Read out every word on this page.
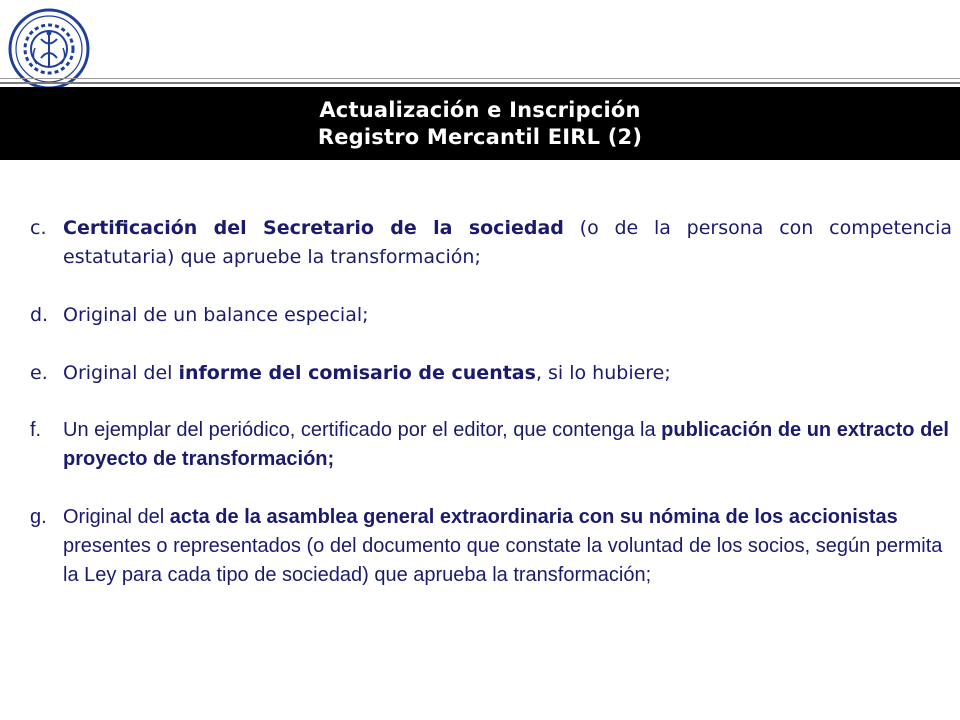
Actualización e Inscripción
Registro Mercantil EIRL (2)
c. Certificación del Secretario de la sociedad (o de la persona con competencia estatutaria) que apruebe la transformación;
d. Original de un balance especial;
e. Original del informe del comisario de cuentas, si lo hubiere;
f.	Un ejemplar del periódico, certificado por el editor, que contenga la publicación de un extracto del proyecto de transformación;
g. Original del acta de la asamblea general extraordinaria con su nómina de los accionistas presentes o representados (o del documento que constate la voluntad de los socios, según permita la Ley para cada tipo de sociedad) que aprueba la transformación;
